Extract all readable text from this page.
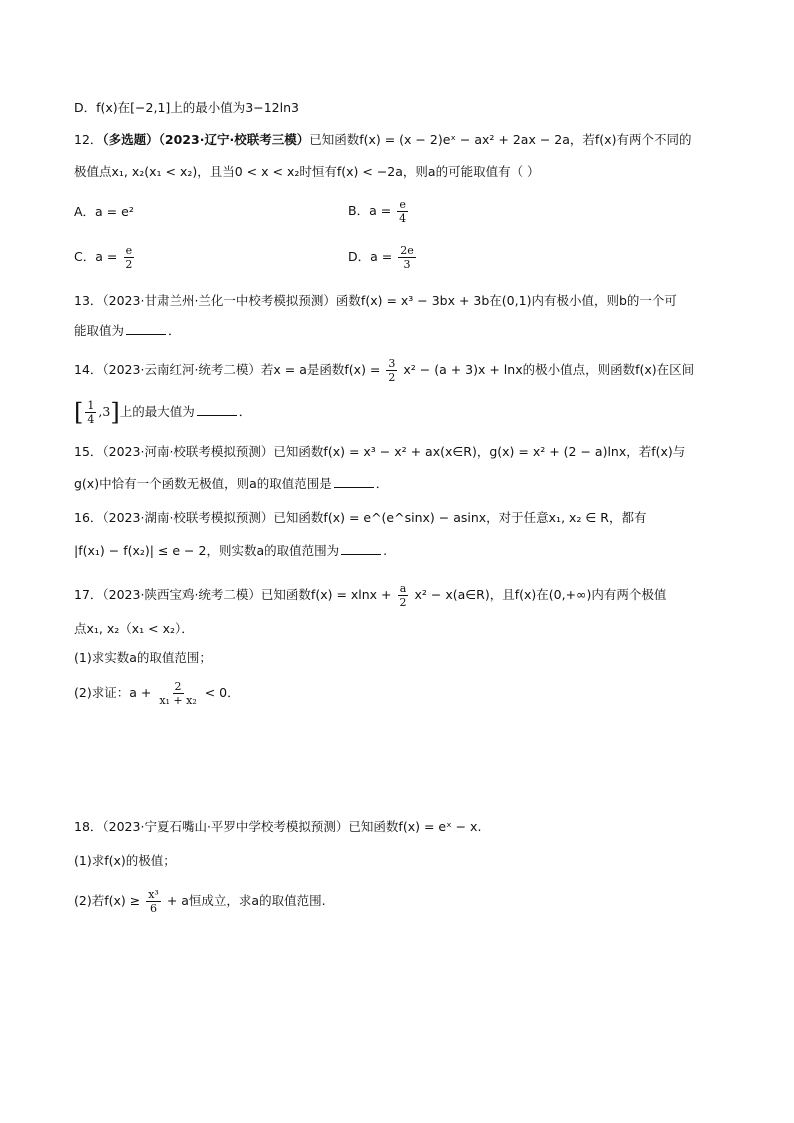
D．f(x)在[−2,1]上的最小值为3−12ln3
12．（多选题）（2023·辽宁·校联考三模）已知函数f(x) = (x − 2)eˣ − ax² + 2ax − 2a，若f(x)有两个不同的
极值点x₁, x₂(x₁ < x₂)，且当0 < x < x₂时恒有f(x) < −2a，则a的可能取值有（ ）
A．a = e²	B．$a = \frac{e}{4}$
C．$a = \frac{e}{2}$	D．$a = \frac{2e}{3}$
13．（2023·甘肃兰州·兰化一中校考模拟预测）函数f(x) = x³ − 3bx + 3b在(0,1)内有极小值，则b的一个可
能取值为	．
14．（2023·云南红河·统考二模）若x = a是函数$f(x) = \frac{3}{2} x^2 - (a + 3)x + \ln x$的极小值点，则函数f(x)在区间
[ $\frac{1}{4} ,3$]上的最大值为	．
15．（2023·河南·校联考模拟预测）已知函数f(x) = x³ − x² + ax(x∈R)，g(x) = x² + (2 − a)lnx，若f(x)与
g(x)中恰有一个函数无极值，则a的取值范围是	．
16．（2023·湖南·校联考模拟预测）已知函数f(x) = e^(e^sinx) − asinx，对于任意x₁, x₂ ∈ R，都有
|f(x₁) − f(x₂)| ≤ e − 2，则实数a的取值范围为	.
17．（2023·陕西宝鸡·统考二模）已知函数$f(x) = xlnx + \frac{a}{2} x^2$ − x(a∈R)，且f(x)在(0,+∞)内有两个极值
点x₁, x₂（x₁ < x₂）．
(1)求实数a的取值范围；
(2)求证：$a + \frac{2}{\text{x₁ + x₂}} < 0$．
18．（2023·宁夏石嘴山·平罗中学校考模拟预测）已知函数f(x) = eˣ − x.
(1)求f(x)的极值；
(2)若$f(x) \ge \frac{\text{x³}}{6} + a$恒成立，求a的取值范围.
